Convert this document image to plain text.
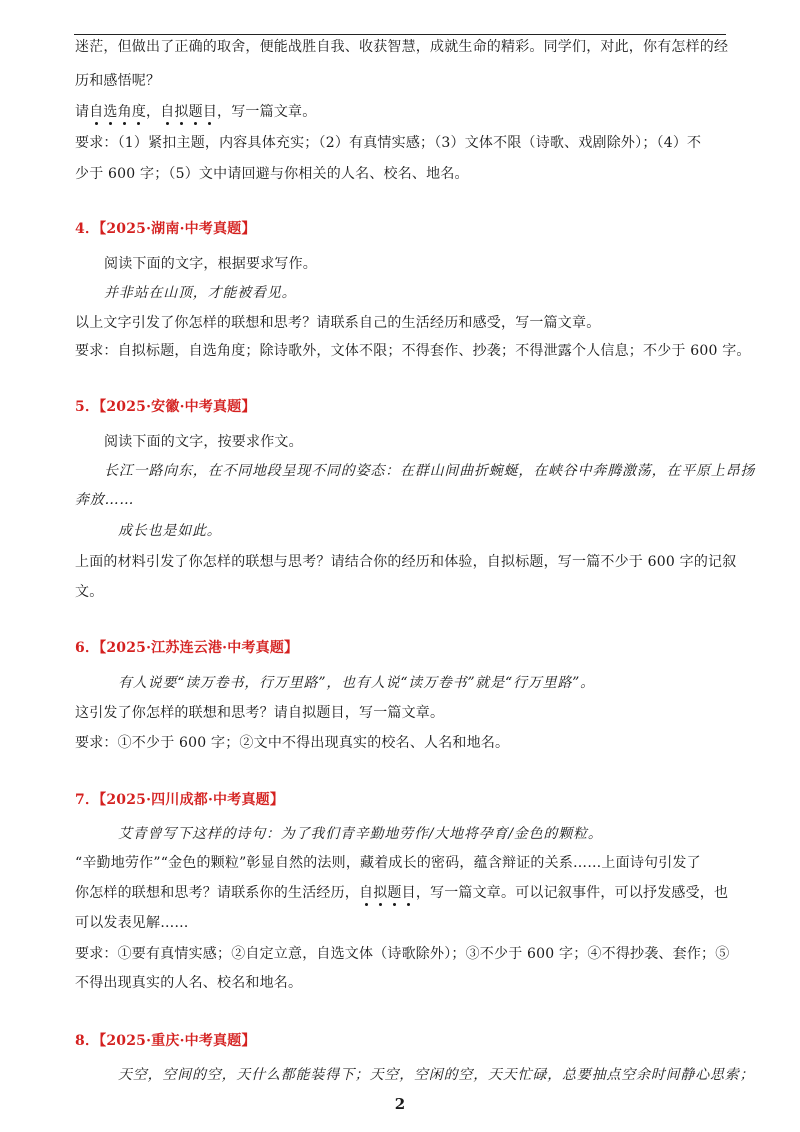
迷茫，但做出了正确的取舍，便能战胜自我、收获智慧，成就生命的精彩。同学们，对此，你有怎样的经
历和感悟呢？
请自选角度，自拟题目，写一篇文章。
要求：（1）紧扣主题，内容具体充实；（2）有真情实感；（3）文体不限（诗歌、戏剧除外）；（4）不
少于 600 字；（5）文中请回避与你相关的人名、校名、地名。
4．【2025·湖南·中考真题】
阅读下面的文字，根据要求写作。
并非站在山顶，才能被看见。
以上文字引发了你怎样的联想和思考？请联系自己的生活经历和感受，写一篇文章。
要求：自拟标题，自选角度；除诗歌外，文体不限；不得套作、抄袭；不得泄露个人信息；不少于 600 字。
5．【2025·安徽·中考真题】
阅读下面的文字，按要求作文。
长江一路向东，在不同地段呈现不同的姿态：在群山间曲折蜿蜒，在峡谷中奔腾激荡，在平原上昂扬
奔放……
成长也是如此。
上面的材料引发了你怎样的联想与思考？请结合你的经历和体验，自拟标题，写一篇不少于 600 字的记叙
文。
6．【2025·江苏连云港·中考真题】
有人说要“读万卷书，行万里路”，也有人说“读万卷书”就是“行万里路”。
这引发了你怎样的联想和思考？请自拟题目，写一篇文章。
要求：①不少于 600 字；②文中不得出现真实的校名、人名和地名。
7．【2025·四川成都·中考真题】
艾青曾写下这样的诗句：为了我们青辛勤地劳作/大地将孕育/金色的颗粒。
“辛勤地劳作”“金色的颗粒”彰显自然的法则，藏着成长的密码，蕴含辩证的关系……上面诗句引发了
你怎样的联想和思考？请联系你的生活经历，自拟题目，写一篇文章。可以记叙事件，可以抒发感受，也
可以发表见解……
要求：①要有真情实感；②自定立意，自选文体（诗歌除外）；③不少于 600 字；④不得抄袭、套作；⑤
不得出现真实的人名、校名和地名。
8．【2025·重庆·中考真题】
天空，空间的空，天什么都能装得下；天空，空闲的空，天天忙碌，总要抽点空余时间静心思索；
2
